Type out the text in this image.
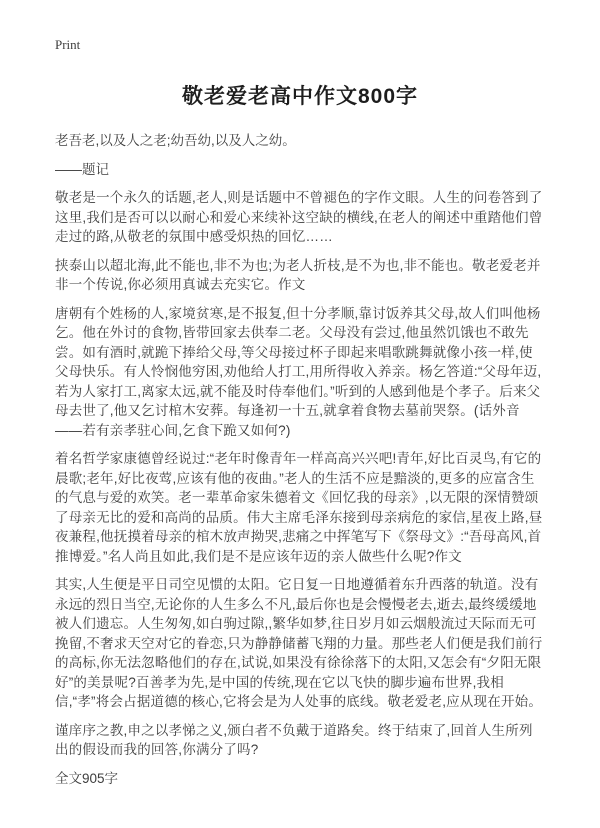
Print
敬老爱老高中作文800字

老吾老,以及人之老;幼吾幼,以及人之幼。

——题记

敬老是一个永久的话题,老人,则是话题中不曾褪色的字作文眼。人生的问卷答到了这里,我们是否可以以耐心和爱心来续补这空缺的横线,在老人的阐述中重踏他们曾走过的路,从敬老的氛围中感受炽热的回忆……

挟泰山以超北海,此不能也,非不为也;为老人折枝,是不为也,非不能也。敬老爱老并非一个传说,你必须用真诚去充实它。作文

唐朝有个姓杨的人,家境贫寒,是不报复,但十分孝顺,靠讨饭养其父母,故人们叫他杨乞。他在外讨的食物,皆带回家去供奉二老。父母没有尝过,他虽然饥饿也不敢先尝。如有酒时,就跪下捧给父母,等父母接过杯子即起来唱歌跳舞就像小孩一样,使父母快乐。有人怜悯他穷困,劝他给人打工,用所得收入养亲。杨乞答道:“父母年迈,若为人家打工,离家太远,就不能及时侍奉他们。”听到的人感到他是个孝子。后来父母去世了,他又乞讨棺木安葬。每逢初一十五,就拿着食物去墓前哭祭。(话外音——若有亲孝驻心间,乞食下跪又如何?)

着名哲学家康德曾经说过:“老年时像青年一样高高兴兴吧!青年,好比百灵鸟,有它的晨歌;老年,好比夜莺,应该有他的夜曲。”老人的生活不应是黯淡的,更多的应富含生的气息与爱的欢笑。老一辈革命家朱德着文《回忆我的母亲》,以无限的深情赞颂了母亲无比的爱和高尚的品质。伟大主席毛泽东接到母亲病危的家信,星夜上路,昼夜兼程,他抚摸着母亲的棺木放声拗哭,悲痛之中挥笔写下《祭母文》:“吾母高风,首推博爱。”名人尚且如此,我们是不是应该年迈的亲人做些什么呢?作文

其实,人生便是平日司空见惯的太阳。它日复一日地遵循着东升西落的轨道。没有永远的烈日当空,无论你的人生多么不凡,最后你也是会慢慢老去,逝去,最终缓缓地被人们遗忘。人生匆匆,如白驹过隙,,繁华如梦,往日岁月如云烟般流过天际而无可挽留,不奢求天空对它的眷恋,只为静静储蓄飞翔的力量。那些老人们便是我们前行的高标,你无法忽略他们的存在,试说,如果没有徐徐落下的太阳,又怎会有“夕阳无限好”的美景呢?百善孝为先,是中国的传统,现在它以飞快的脚步遍布世界,我相信,“孝”将会占据道德的核心,它将会是为人处事的底线。敬老爱老,应从现在开始。

谨庠序之教,申之以孝悌之义,颁白者不负戴于道路矣。终于结束了,回首人生所列出的假设而我的回答,你满分了吗?

全文905字
